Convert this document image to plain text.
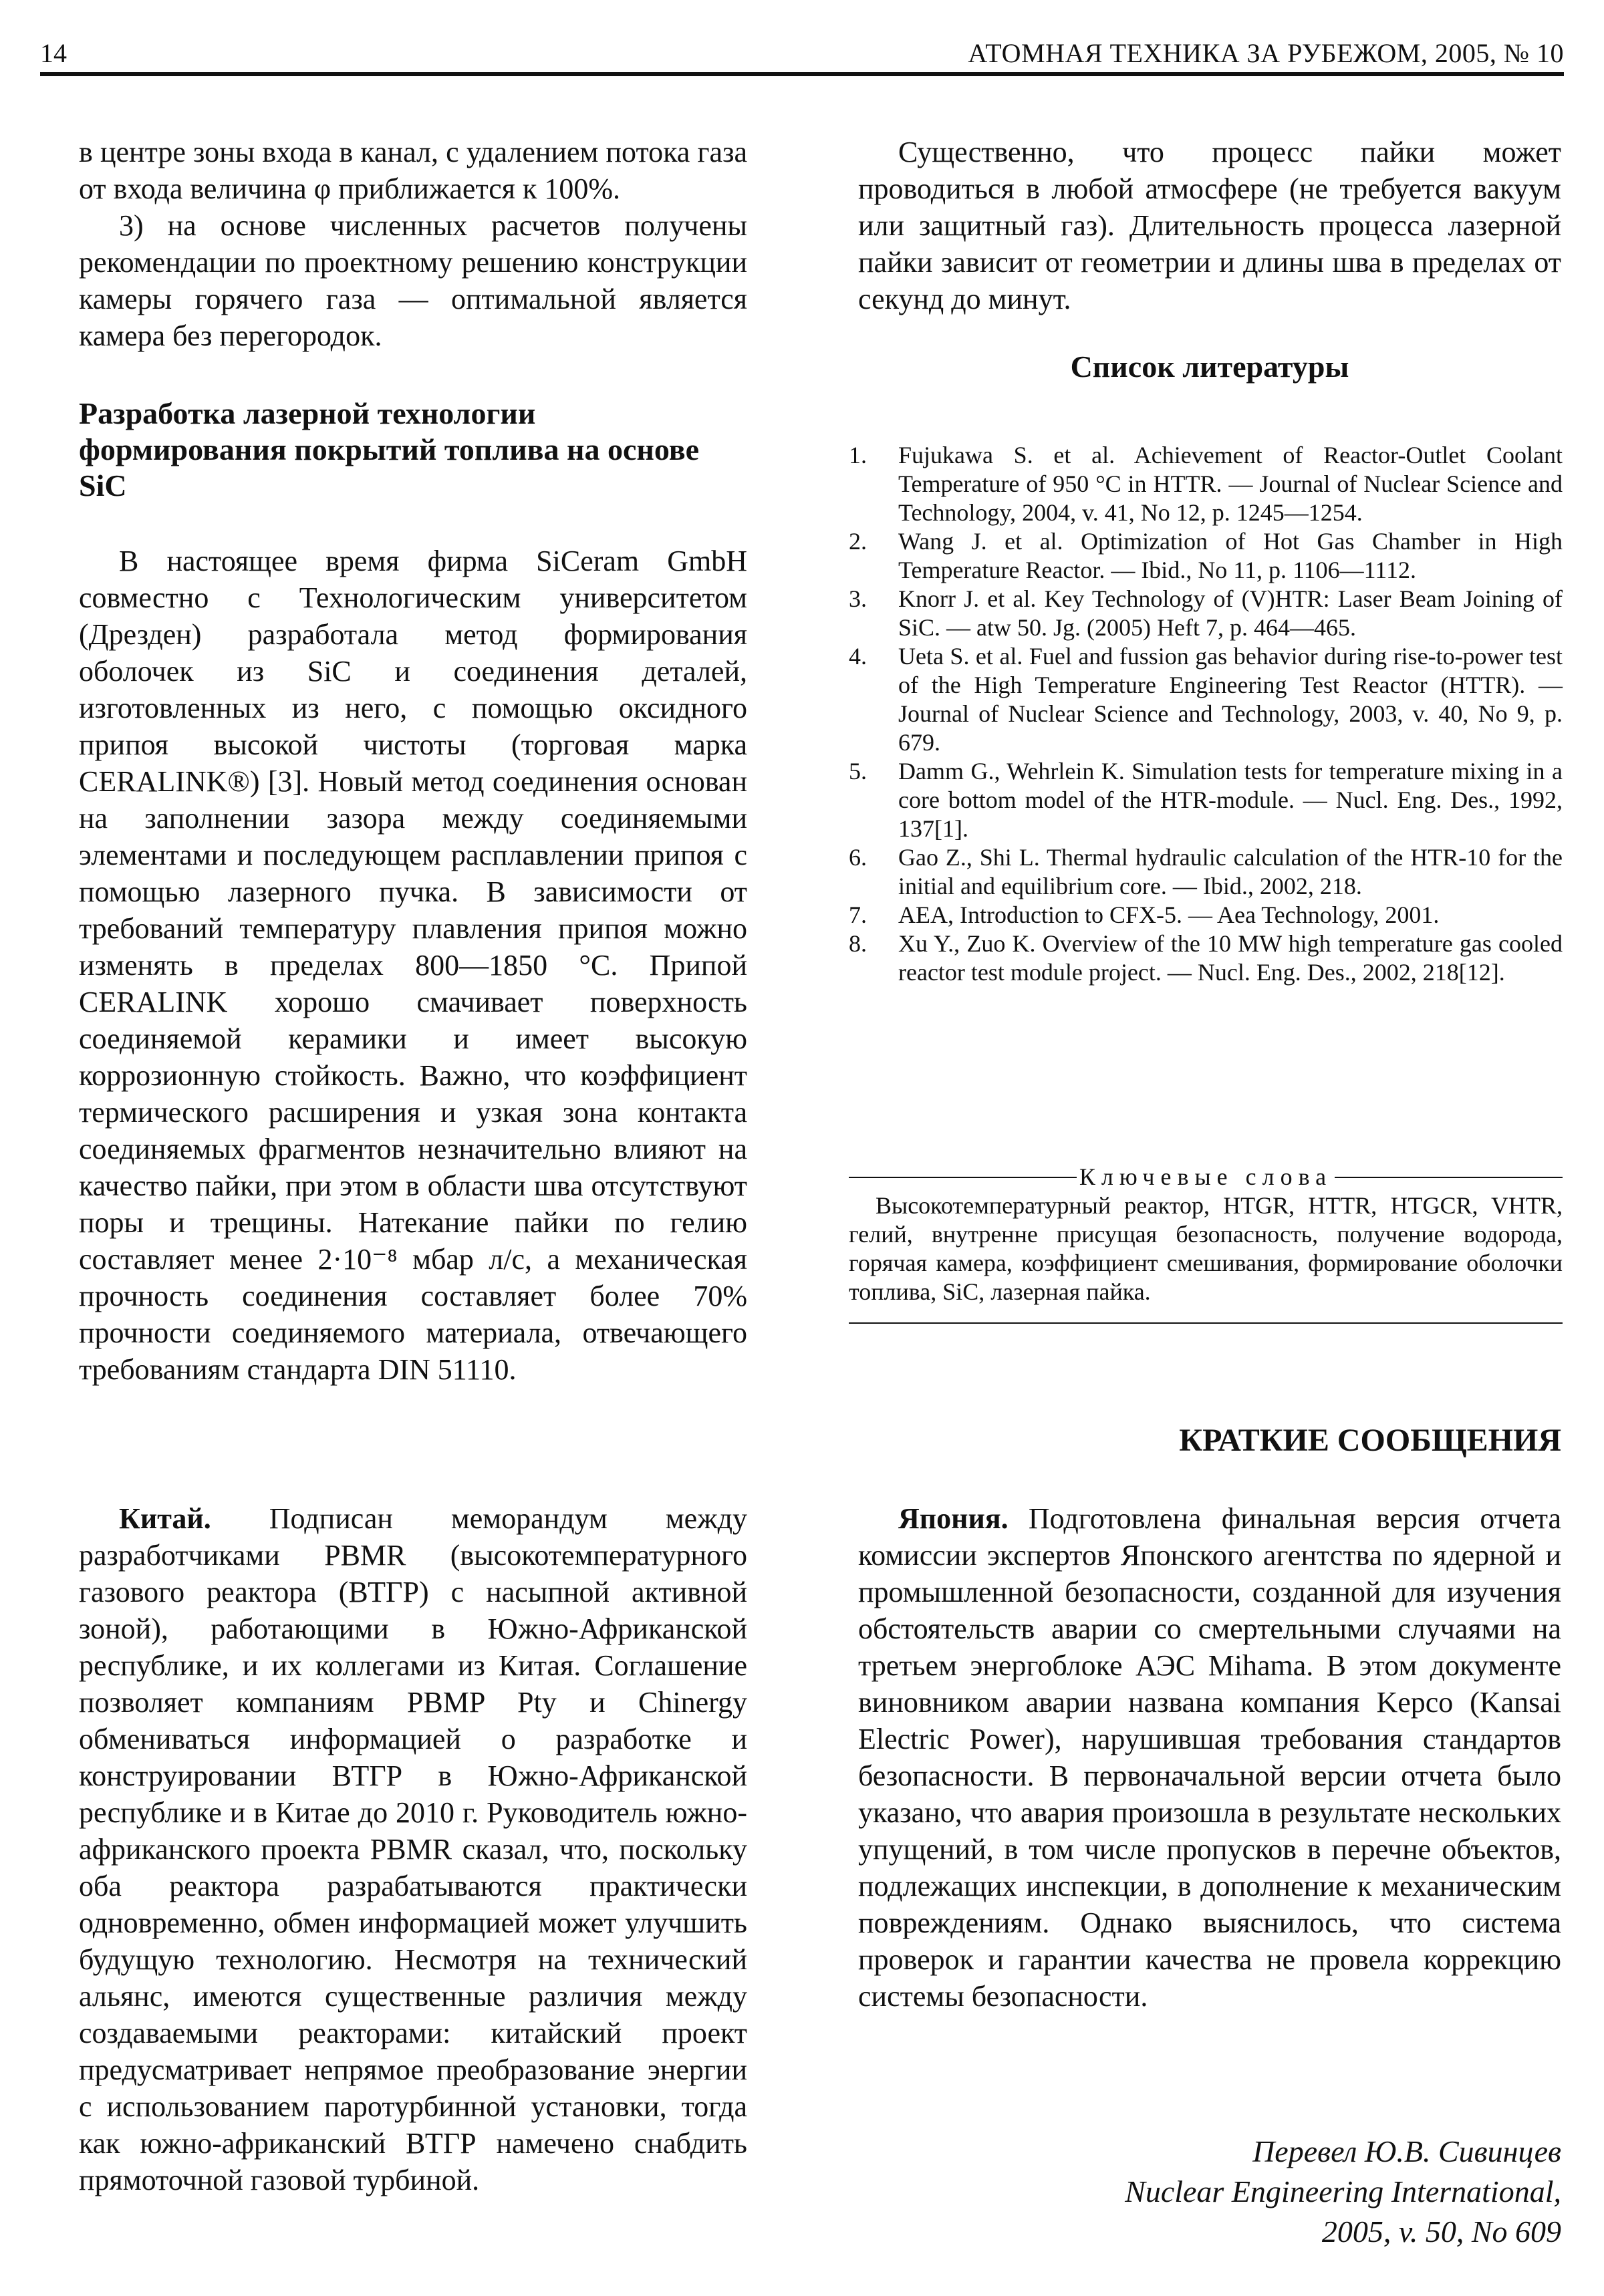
14	АТОМНАЯ ТЕХНИКА ЗА РУБЕЖОМ, 2005, № 10

в центре зоны входа в канал, с удалением потока газа от входа величина φ приближается к 100%.

3) на основе численных расчетов получены рекомендации по проектному решению конструкции камеры горячего газа — оптимальной является камера без перегородок.

Разработка лазерной технологии формирования покрытий топлива на основе SiC

В настоящее время фирма SiCeram GmbH совместно с Технологическим университетом (Дрезден) разработала метод формирования оболочек из SiC и соединения деталей, изготовленных из него, с помощью оксидного припоя высокой чистоты (торговая марка CERALINK®) [3]. Новый метод соединения основан на заполнении зазора между соединяемыми элементами и последующем расплавлении припоя с помощью лазерного пучка. В зависимости от требований температуру плавления припоя можно изменять в пределах 800—1850 °C. Припой CERALINK хорошо смачивает поверхность соединяемой керамики и имеет высокую коррозионную стойкость. Важно, что коэффициент термического расширения и узкая зона контакта соединяемых фрагментов незначительно влияют на качество пайки, при этом в области шва отсутствуют поры и трещины. Натекание пайки по гелию составляет менее 2·10⁻⁸ мбар л/с, а механическая прочность соединения составляет более 70% прочности соединяемого материала, отвечающего требованиям стандарта DIN 51110.

Существенно, что процесс пайки может проводиться в любой атмосфере (не требуется вакуум или защитный газ). Длительность процесса лазерной пайки зависит от геометрии и длины шва в пределах от секунд до минут.

Список литературы

1.	Fujukawa S. et al. Achievement of Reactor-Outlet Coolant Temperature of 950 °C in HTTR. — Journal of Nuclear Science and Technology, 2004, v. 41, No 12, p. 1245—1254.
2.	Wang J. et al. Optimization of Hot Gas Chamber in High Temperature Reactor. — Ibid., No 11, p. 1106—1112.
3.	Knorr J. et al. Key Technology of (V)HTR: Laser Beam Joining of SiC. — atw 50. Jg. (2005) Heft 7, p. 464—465.
4.	Ueta S. et al. Fuel and fussion gas behavior during rise-to-power test of the High Temperature Engineering Test Reactor (HTTR). — Journal of Nuclear Science and Technology, 2003, v. 40, No 9, p. 679.
5.	Damm G., Wehrlein K. Simulation tests for temperature mixing in a core bottom model of the HTR-module. — Nucl. Eng. Des., 1992, 137[1].
6.	Gao Z., Shi L. Thermal hydraulic calculation of the HTR-10 for the initial and equilibrium core. — Ibid., 2002, 218.
7.	AEA, Introduction to CFX-5. — Aea Technology, 2001.
8.	Xu Y., Zuo K. Overview of the 10 MW high temperature gas cooled reactor test module project. — Nucl. Eng. Des., 2002, 218[12].
Ключевые слова
Высокотемпературный реактор, HTGR, HTTR, HTGCR, VHTR, гелий, внутренне присущая безопасность, получение водорода, горячая камера, коэффициент смешивания, формирование оболочки топлива, SiC, лазерная пайка.
КРАТКИЕ СООБЩЕНИЯ

Китай. Подписан меморандум между разработчиками PBMR (высокотемпературного газового реактора (ВТГР) с насыпной активной зоной), работающими в Южно-Африканской республике, и их коллегами из Китая. Соглашение позволяет компаниям PBMP Pty и Chinergy обмениваться информацией о разработке и конструировании ВТГР в Южно-Африканской республике и в Китае до 2010 г. Руководитель южно-африканского проекта PBMR сказал, что, поскольку оба реактора разрабатываются практически одновременно, обмен информацией может улучшить будущую технологию. Несмотря на технический альянс, имеются существенные различия между создаваемыми реакторами: китайский проект предусматривает непрямое преобразование энергии с использованием паротурбинной установки, тогда как южно-африканский ВТГР намечено снабдить прямоточной газовой турбиной.

Япония. Подготовлена финальная версия отчета комиссии экспертов Японского агентства по ядерной и промышленной безопасности, созданной для изучения обстоятельств аварии со смертельными случаями на третьем энергоблоке АЭС Mihama. В этом документе виновником аварии названа компания Kepco (Kansai Electric Power), нарушившая требования стандартов безопасности. В первоначальной версии отчета было указано, что авария произошла в результате нескольких упущений, в том числе пропусков в перечне объектов, подлежащих инспекции, в дополнение к механическим повреждениям. Однако выяснилось, что система проверок и гарантии качества не провела коррекцию системы безопасности.

Перевел Ю.В. Сивинцев
Nuclear Engineering International,
2005, v. 50, No 609
